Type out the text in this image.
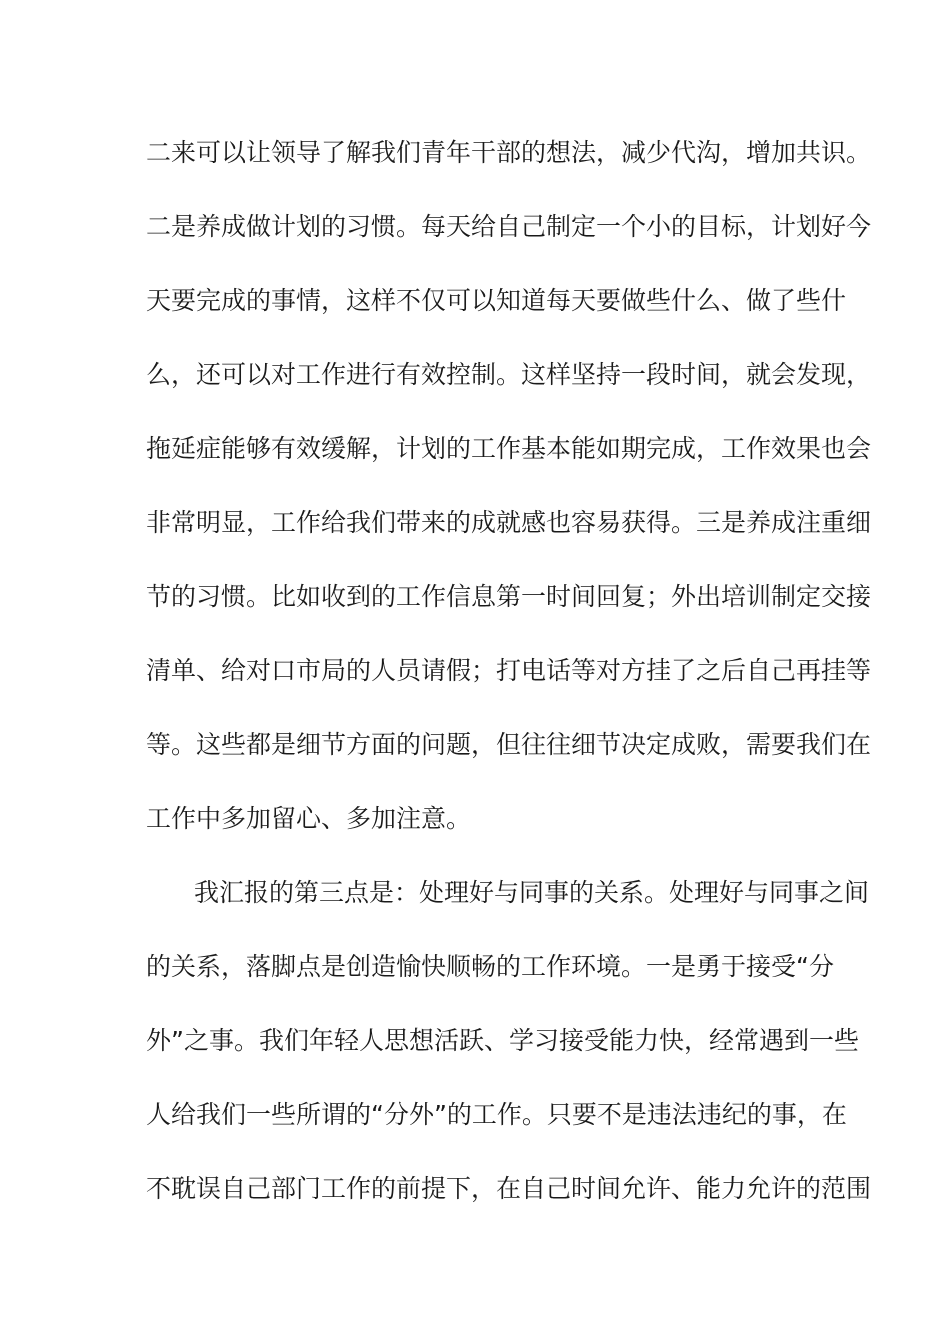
二来可以让领导了解我们青年干部的想法，减少代沟，增加共识。
二是养成做计划的习惯。每天给自己制定一个小的目标，计划好今
天要完成的事情，这样不仅可以知道每天要做些什么、做了些什
么，还可以对工作进行有效控制。这样坚持一段时间，就会发现，
拖延症能够有效缓解，计划的工作基本能如期完成，工作效果也会
非常明显，工作给我们带来的成就感也容易获得。三是养成注重细
节的习惯。比如收到的工作信息第一时间回复；外出培训制定交接
清单、给对口市局的人员请假；打电话等对方挂了之后自己再挂等
等。这些都是细节方面的问题，但往往细节决定成败，需要我们在
工作中多加留心、多加注意。
我汇报的第三点是：处理好与同事的关系。处理好与同事之间
的关系，落脚点是创造愉快顺畅的工作环境。一是勇于接受“分
外”之事。我们年轻人思想活跃、学习接受能力快，经常遇到一些
人给我们一些所谓的“分外”的工作。只要不是违法违纪的事，在
不耽误自己部门工作的前提下，在自己时间允许、能力允许的范围
